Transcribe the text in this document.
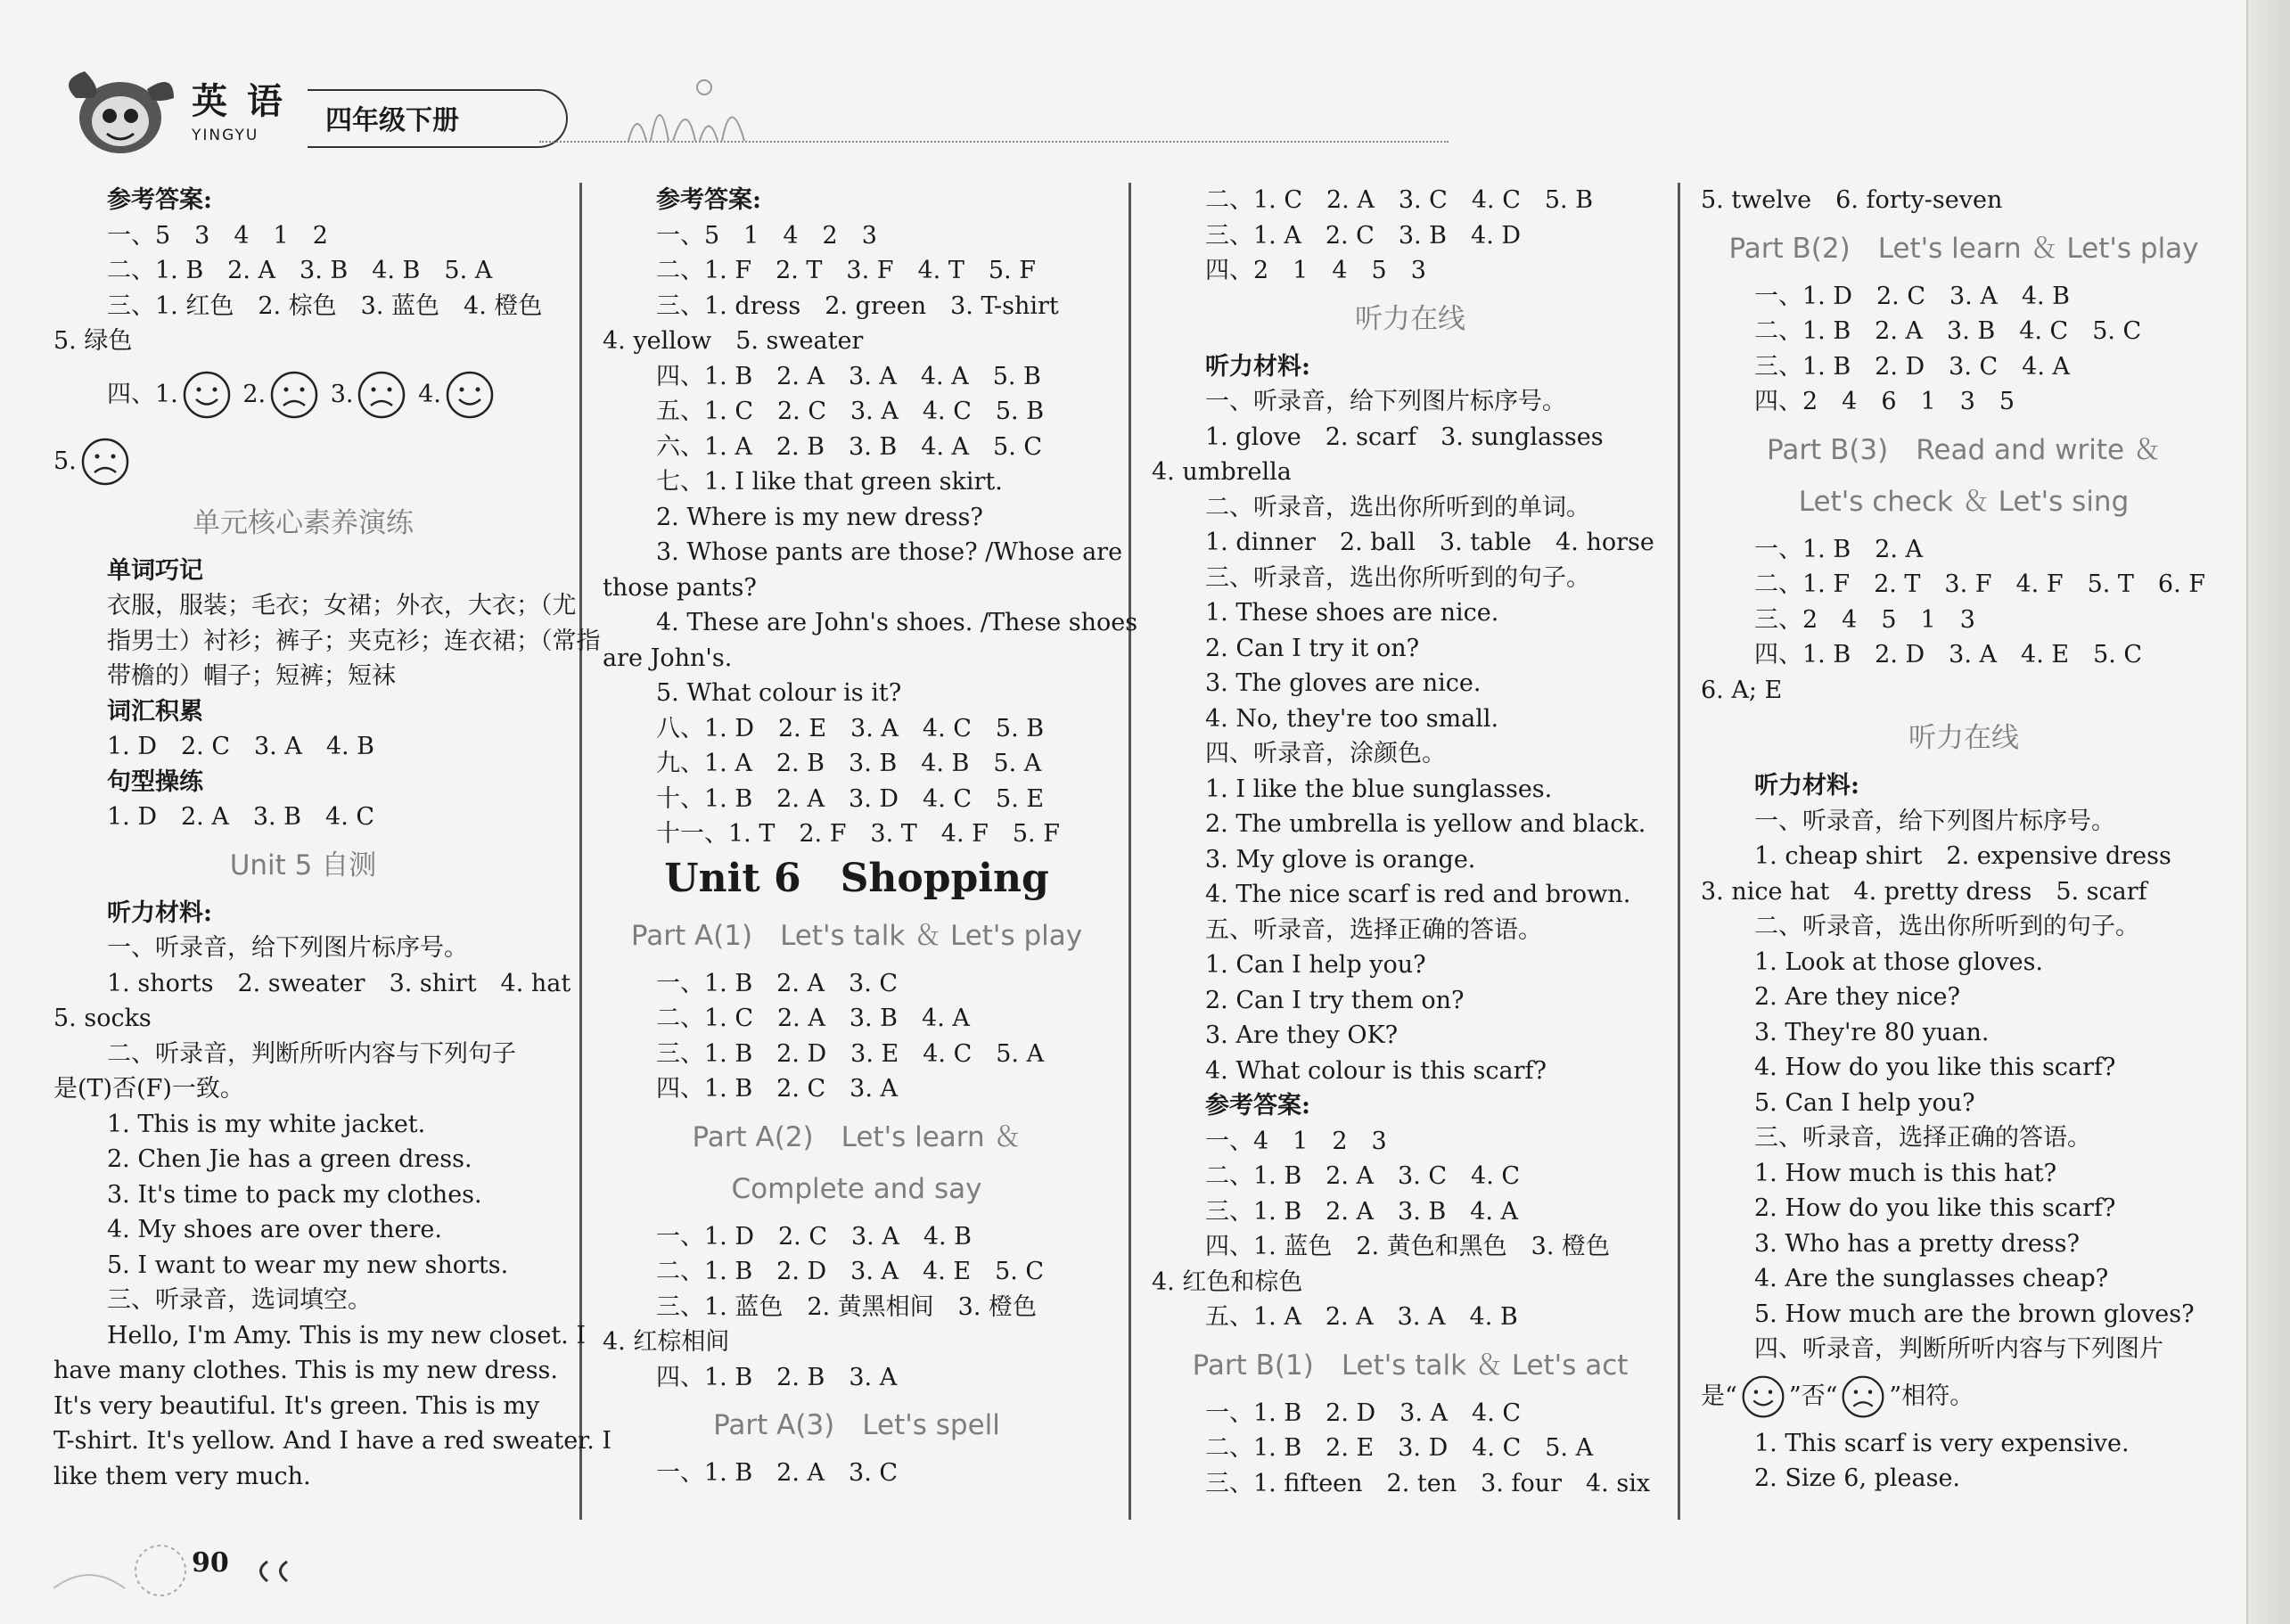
英 语
YINGYU 四年级下册
参考答案:
一、5　3　4　1　2
二、1. B　2. A　3. B　4. B　5. A
三、1. 红色　2. 棕色　3. 蓝色　4. 橙色
5. 绿色
四、1.	2.	3.	4.
5.
单元核心素养演练
单词巧记
衣服，服装；毛衣；女裙；外衣，大衣；（尤
指男士）衬衫；裤子；夹克衫；连衣裙；（常指
带檐的）帽子；短裤；短袜
词汇积累
1. D　2. C　3. A　4. B
句型操练
1. D　2. A　3. B　4. C
Unit 5 自测
听力材料:
一、听录音，给下列图片标序号。
1. shorts　2. sweater　3. shirt　4. hat
5. socks
二、听录音，判断所听内容与下列句子
是(T)否(F)一致。
1. This is my white jacket.
2. Chen Jie has a green dress.
3. It's time to pack my clothes.
4. My shoes are over there.
5. I want to wear my new shorts.
三、听录音，选词填空。
Hello, I'm Amy. This is my new closet. I
have many clothes. This is my new dress.
It's very beautiful. It's green. This is my
T-shirt. It's yellow. And I have a red sweater. I
like them very much.
参考答案:
一、5　1　4　2　3
二、1. F　2. T　3. F　4. T　5. F
三、1. dress　2. green　3. T-shirt
4. yellow　5. sweater
四、1. B　2. A　3. A　4. A　5. B
五、1. C　2. C　3. A　4. C　5. B
六、1. A　2. B　3. B　4. A　5. C
七、1. I like that green skirt.
2. Where is my new dress?
3. Whose pants are those? /Whose are
those pants?
4. These are John's shoes. /These shoes
are John's.
5. What colour is it?
八、1. D　2. E　3. A　4. C　5. B
九、1. A　2. B　3. B　4. B　5. A
十、1. B　2. A　3. D　4. C　5. E
十一、1. T　2. F　3. T　4. F　5. F
Unit 6　Shopping
Part A(1)　Let's talk ＆ Let's play
一、1. B　2. A　3. C
二、1. C　2. A　3. B　4. A
三、1. B　2. D　3. E　4. C　5. A
四、1. B　2. C　3. A
Part A(2)　Let's learn ＆
Complete and say
一、1. D　2. C　3. A　4. B
二、1. B　2. D　3. A　4. E　5. C
三、1. 蓝色　2. 黄黑相间　3. 橙色
4. 红棕相间
四、1. B　2. B　3. A
Part A(3)　Let's spell
一、1. B　2. A　3. C
二、1. C　2. A　3. C　4. C　5. B
三、1. A　2. C　3. B　4. D
四、2　1　4　5　3
听力在线
听力材料:
一、听录音，给下列图片标序号。
1. glove　2. scarf　3. sunglasses
4. umbrella
二、听录音，选出你所听到的单词。
1. dinner　2. ball　3. table　4. horse
三、听录音，选出你所听到的句子。
1. These shoes are nice.
2. Can I try it on?
3. The gloves are nice.
4. No, they're too small.
四、听录音，涂颜色。
1. I like the blue sunglasses.
2. The umbrella is yellow and black.
3. My glove is orange.
4. The nice scarf is red and brown.
五、听录音，选择正确的答语。
1. Can I help you?
2. Can I try them on?
3. Are they OK?
4. What colour is this scarf?
参考答案:
一、4　1　2　3
二、1. B　2. A　3. C　4. C
三、1. B　2. A　3. B　4. A
四、1. 蓝色　2. 黄色和黑色　3. 橙色
4. 红色和棕色
五、1. A　2. A　3. A　4. B
Part B(1)　Let's talk ＆ Let's act
一、1. B　2. D　3. A　4. C
二、1. B　2. E　3. D　4. C　5. A
三、1. fifteen　2. ten　3. four　4. six
5. twelve　6. forty-seven
Part B(2)　Let's learn ＆ Let's play
一、1. D　2. C　3. A　4. B
二、1. B　2. A　3. B　4. C　5. C
三、1. B　2. D　3. C　4. A
四、2　4　6　1　3　5
Part B(3)　Read and write ＆
Let's check ＆ Let's sing
一、1. B　2. A
二、1. F　2. T　3. F　4. F　5. T　6. F
三、2　4　5　1　3
四、1. B　2. D　3. A　4. E　5. C
6. A; E
听力在线
听力材料:
一、听录音，给下列图片标序号。
1. cheap shirt　2. expensive dress
3. nice hat　4. pretty dress　5. scarf
二、听录音，选出你所听到的句子。
1. Look at those gloves.
2. Are they nice?
3. They're 80 yuan.
4. How do you like this scarf?
5. Can I help you?
三、听录音，选择正确的答语。
1. How much is this hat?
2. How do you like this scarf?
3. Who has a pretty dress?
4. Are the sunglasses cheap?
5. How much are the brown gloves?
四、听录音，判断所听内容与下列图片
是“ ”否“ ”相符。
1. This scarf is very expensive.
2. Size 6, please.
90
